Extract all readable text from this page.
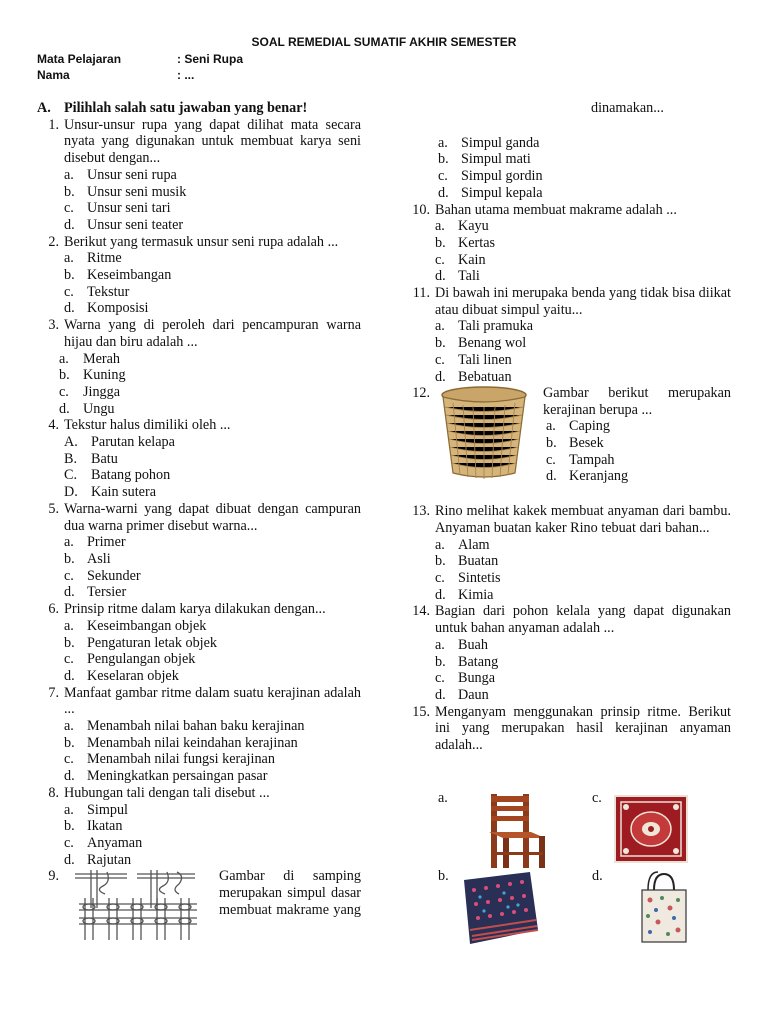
SOAL REMEDIAL SUMATIF AKHIR SEMESTER
Mata Pelajaran	: Seni Rupa
Nama	: ...
A. Pilihlah salah satu jawaban yang benar!
1. Unsur-unsur rupa yang dapat dilihat mata secara nyata yang digunakan untuk membuat karya seni disebut dengan...
a. Unsur seni rupa
b. Unsur seni musik
c. Unsur seni tari
d. Unsur seni teater
2. Berikut yang termasuk unsur seni rupa adalah ...
a. Ritme
b. Keseimbangan
c. Tekstur
d. Komposisi
3. Warna yang di peroleh dari pencampuran warna hijau dan biru adalah ...
a. Merah
b. Kuning
c. Jingga
d. Ungu
4. Tekstur halus dimiliki oleh ...
A. Parutan kelapa
B. Batu
C. Batang pohon
D. Kain sutera
5. Warna-warni yang dapat dibuat dengan campuran dua warna primer disebut warna...
a. Primer
b. Asli
c. Sekunder
d. Tersier
6. Prinsip ritme dalam karya dilakukan dengan...
a. Keseimbangan objek
b. Pengaturan letak objek
c. Pengulangan objek
d. Keselaran objek
7. Manfaat gambar ritme dalam suatu kerajinan adalah ...
a. Menambah nilai bahan baku kerajinan
b. Menambah nilai keindahan kerajinan
c. Menambah nilai fungsi kerajinan
d. Meningkatkan persaingan pasar
8. Hubungan tali dengan tali disebut ...
a. Simpul
b. Ikatan
c. Anyaman
d. Rajutan
9.	Gambar di samping merupakan simpul dasar membuat makrame yang
dinamakan...
a. Simpul ganda
b. Simpul mati
c. Simpul gordin
d. Simpul kepala
10. Bahan utama membuat makrame adalah ...
a. Kayu
b. Kertas
c. Kain
d. Tali
11. Di bawah ini merupaka benda yang tidak bisa diikat atau dibuat simpul yaitu...
a. Tali pramuka
b. Benang wol
c. Tali linen
d. Bebatuan
12.	Gambar berikut merupakan kerajinan berupa ...
a. Caping
b. Besek
c. Tampah
d. Keranjang
13. Rino melihat kakek membuat anyaman dari bambu. Anyaman buatan kaker Rino tebuat dari bahan...
a. Alam
b. Buatan
c. Sintetis
d. Kimia
14. Bagian dari pohon kelala yang dapat digunakan untuk bahan anyaman adalah ...
a. Buah
b. Batang
c. Bunga
d. Daun
15. Menganyam menggunakan prinsip ritme. Berikut ini yang merupakan hasil kerajinan anyaman adalah...
a.	c.
b.	d.
